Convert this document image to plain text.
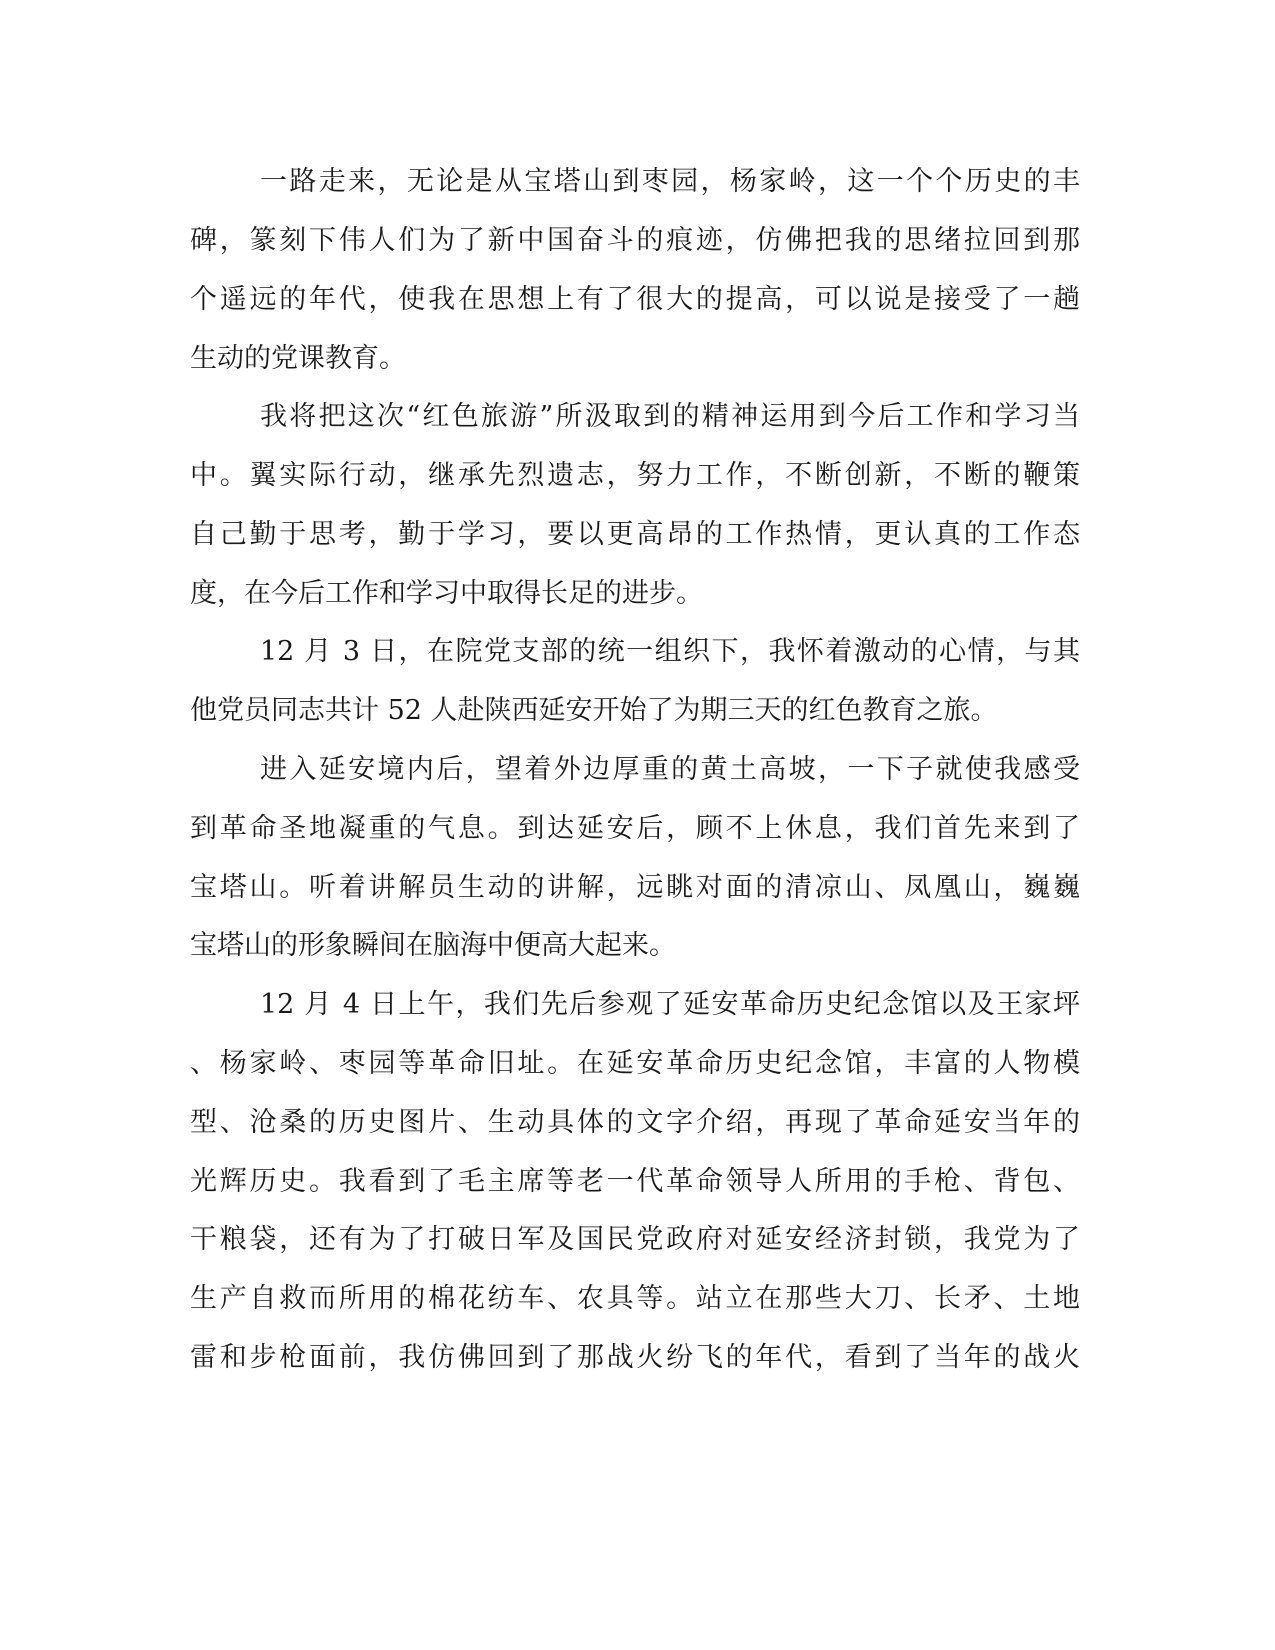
一路走来，无论是从宝塔山到枣园，杨家岭，这一个个历史的丰
碑，篆刻下伟人们为了新中国奋斗的痕迹，仿佛把我的思绪拉回到那
个遥远的年代，使我在思想上有了很大的提高，可以说是接受了一趟
生动的党课教育。
我将把这次“红色旅游”所汲取到的精神运用到今后工作和学习当
中。翼实际行动，继承先烈遗志，努力工作，不断创新，不断的鞭策
自己勤于思考，勤于学习，要以更高昂的工作热情，更认真的工作态
度，在今后工作和学习中取得长足的进步。
12 月 3 日，在院党支部的统一组织下，我怀着激动的心情，与其
他党员同志共计 52 人赴陕西延安开始了为期三天的红色教育之旅。
进入延安境内后，望着外边厚重的黄土高坡，一下子就使我感受
到革命圣地凝重的气息。到达延安后，顾不上休息，我们首先来到了
宝塔山。听着讲解员生动的讲解，远眺对面的清凉山、凤凰山，巍巍
宝塔山的形象瞬间在脑海中便高大起来。
12 月 4 日上午，我们先后参观了延安革命历史纪念馆以及王家坪
、杨家岭、枣园等革命旧址。在延安革命历史纪念馆，丰富的人物模
型、沧桑的历史图片、生动具体的文字介绍，再现了革命延安当年的
光辉历史。我看到了毛主席等老一代革命领导人所用的手枪、背包、
干粮袋，还有为了打破日军及国民党政府对延安经济封锁，我党为了
生产自救而所用的棉花纺车、农具等。站立在那些大刀、长矛、土地
雷和步枪面前，我仿佛回到了那战火纷飞的年代，看到了当年的战火
